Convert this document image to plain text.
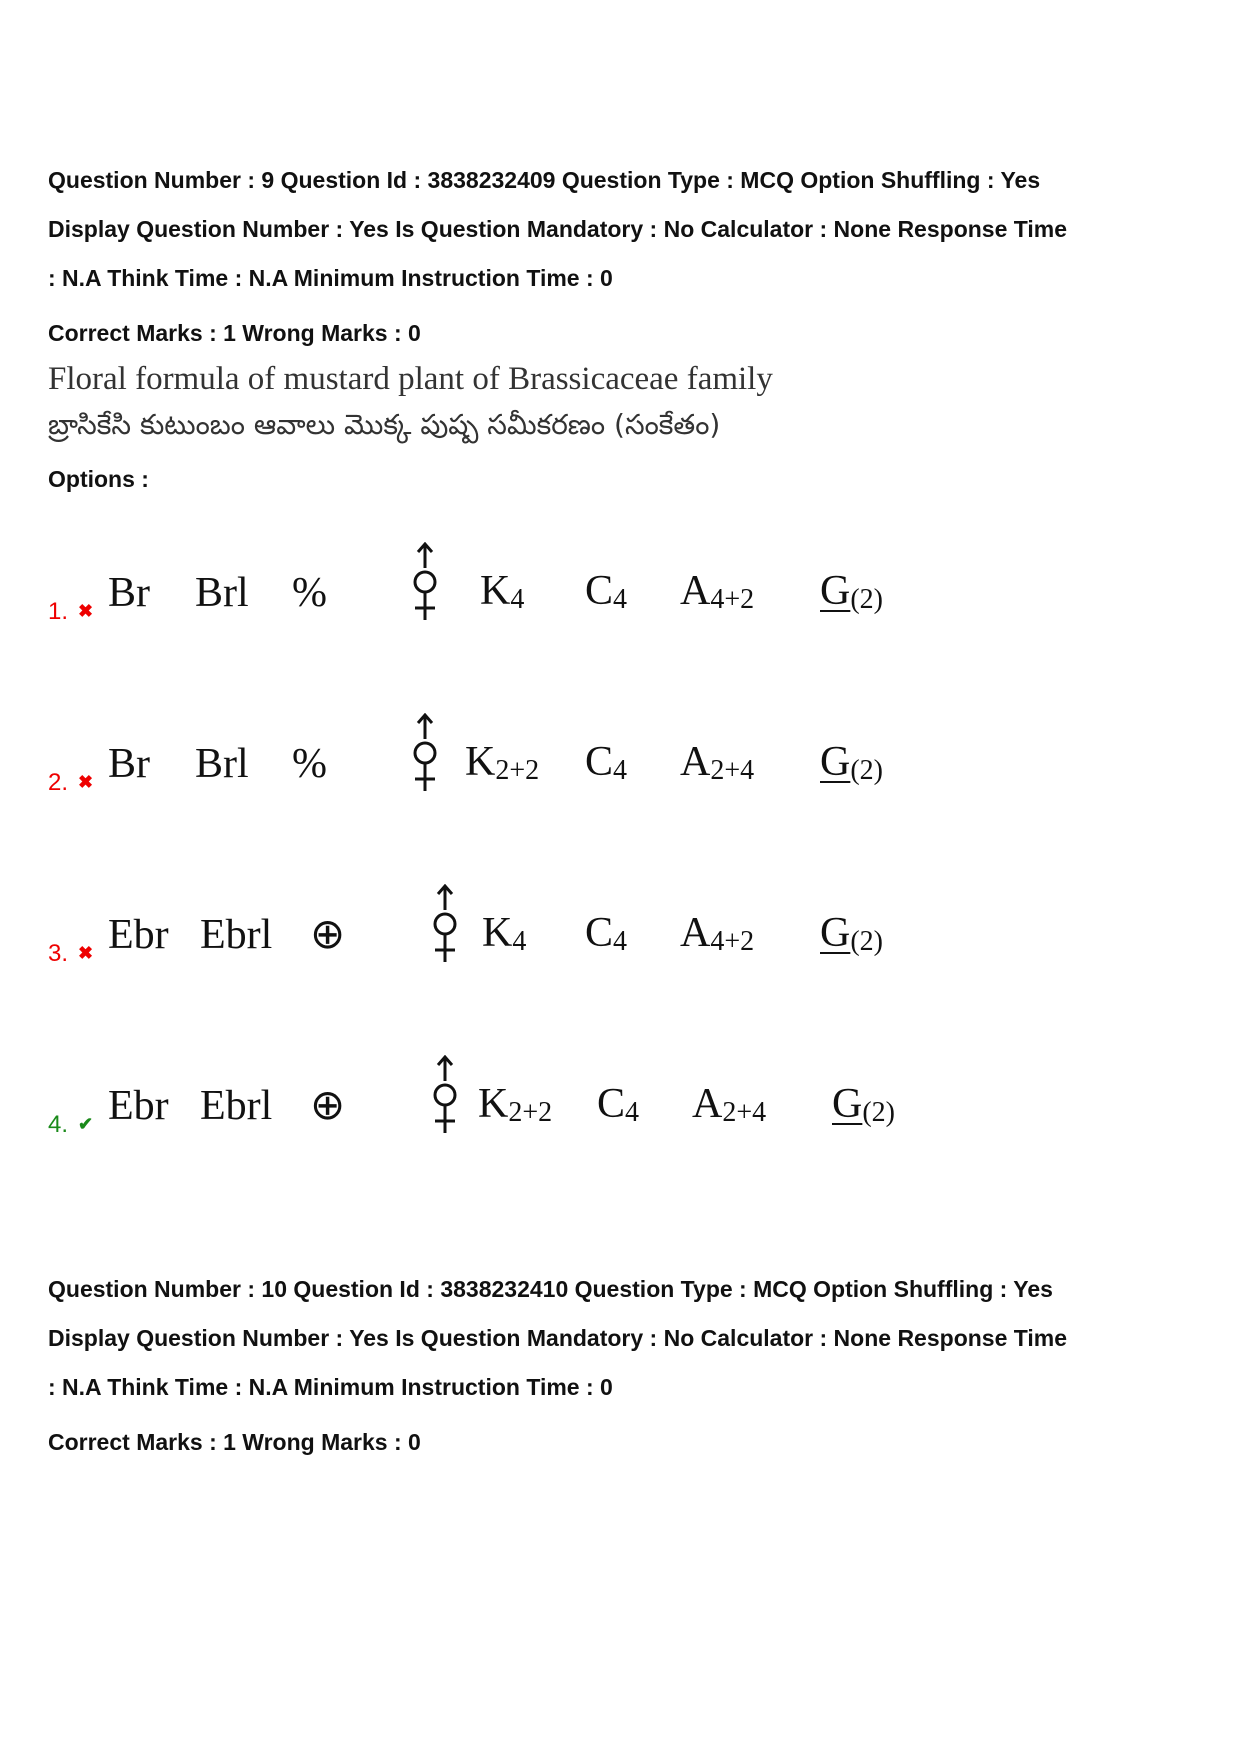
Question Number : 9 Question Id : 3838232409 Question Type : MCQ Option Shuffling : Yes
Display Question Number : Yes Is Question Mandatory : No Calculator : None Response Time
: N.A Think Time : N.A Minimum Instruction Time : 0
Correct Marks : 1 Wrong Marks : 0
Floral formula of mustard plant of Brassicaceae family
బ్రాసికేసి కుటుంబం ఆవాలు మొక్క పుష్ప సమీకరణం (సంకేతం)
Options :
1. ✖ Br Brl %	$K_4$ $C_4$ $A_{4+2}$ $G_{(2)}$
2. ✖ Br Brl %	$K_{2+2}$ $C_4$ $A_{2+4}$ $G_{(2)}$
3. ✖ Ebr Ebrl ⊕	$K_4$ $C_4$ $A_{4+2}$ $G_{(2)}$
4. ✔ Ebr Ebrl ⊕	$K_{2+2}$ $C_4$ $A_{2+4}$ $G_{(2)}$
Question Number : 10 Question Id : 3838232410 Question Type : MCQ Option Shuffling : Yes
Display Question Number : Yes Is Question Mandatory : No Calculator : None Response Time
: N.A Think Time : N.A Minimum Instruction Time : 0
Correct Marks : 1 Wrong Marks : 0
